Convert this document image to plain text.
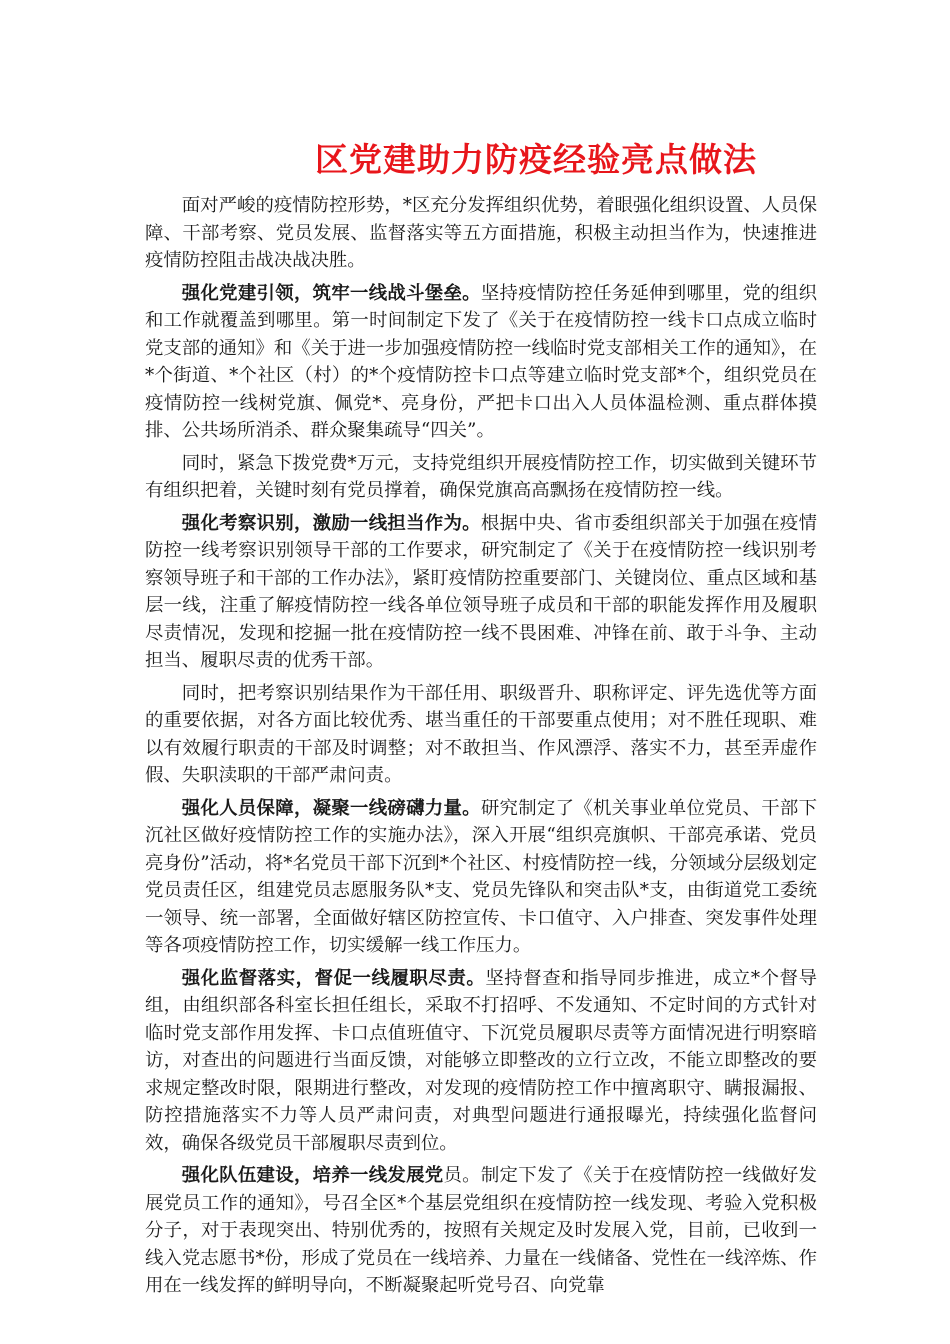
区党建助力防疫经验亮点做法

面对严峻的疫情防控形势，*区充分发挥组织优势，着眼强化组织设置、人员保障、干部考察、党员发展、监督落实等五方面措施，积极主动担当作为，快速推进疫情防控阻击战决战决胜。

强化党建引领，筑牢一线战斗堡垒。坚持疫情防控任务延伸到哪里，党的组织和工作就覆盖到哪里。第一时间制定下发了《关于在疫情防控一线卡口点成立临时党支部的通知》和《关于进一步加强疫情防控一线临时党支部相关工作的通知》，在*个街道、*个社区（村）的*个疫情防控卡口点等建立临时党支部*个，组织党员在疫情防控一线树党旗、佩党*、亮身份，严把卡口出入人员体温检测、重点群体摸排、公共场所消杀、群众聚集疏导“四关”。

同时，紧急下拨党费*万元，支持党组织开展疫情防控工作，切实做到关键环节有组织把着，关键时刻有党员撑着，确保党旗高高飘扬在疫情防控一线。

强化考察识别，激励一线担当作为。根据中央、省市委组织部关于加强在疫情防控一线考察识别领导干部的工作要求，研究制定了《关于在疫情防控一线识别考察领导班子和干部的工作办法》，紧盯疫情防控重要部门、关键岗位、重点区域和基层一线，注重了解疫情防控一线各单位领导班子成员和干部的职能发挥作用及履职尽责情况，发现和挖掘一批在疫情防控一线不畏困难、冲锋在前、敢于斗争、主动担当、履职尽责的优秀干部。

同时，把考察识别结果作为干部任用、职级晋升、职称评定、评先选优等方面的重要依据，对各方面比较优秀、堪当重任的干部要重点使用；对不胜任现职、难以有效履行职责的干部及时调整；对不敢担当、作风漂浮、落实不力，甚至弄虚作假、失职渎职的干部严肃问责。

强化人员保障，凝聚一线磅礴力量。研究制定了《机关事业单位党员、干部下沉社区做好疫情防控工作的实施办法》，深入开展“组织亮旗帜、干部亮承诺、党员亮身份”活动，将*名党员干部下沉到*个社区、村疫情防控一线，分领域分层级划定党员责任区，组建党员志愿服务队*支、党员先锋队和突击队*支，由街道党工委统一领导、统一部署，全面做好辖区防控宣传、卡口值守、入户排查、突发事件处理等各项疫情防控工作，切实缓解一线工作压力。

强化监督落实，督促一线履职尽责。坚持督查和指导同步推进，成立*个督导组，由组织部各科室长担任组长，采取不打招呼、不发通知、不定时间的方式针对临时党支部作用发挥、卡口点值班值守、下沉党员履职尽责等方面情况进行明察暗访，对查出的问题进行当面反馈，对能够立即整改的立行立改，不能立即整改的要求规定整改时限，限期进行整改，对发现的疫情防控工作中擅离职守、瞒报漏报、防控措施落实不力等人员严肃问责，对典型问题进行通报曝光，持续强化监督问效，确保各级党员干部履职尽责到位。

强化队伍建设，培养一线发展党员。制定下发了《关于在疫情防控一线做好发展党员工作的通知》，号召全区*个基层党组织在疫情防控一线发现、考验入党积极分子，对于表现突出、特别优秀的，按照有关规定及时发展入党，目前，已收到一线入党志愿书*份，形成了党员在一线培养、力量在一线储备、党性在一线淬炼、作用在一线发挥的鲜明导向，不断凝聚起听党号召、向党靠
